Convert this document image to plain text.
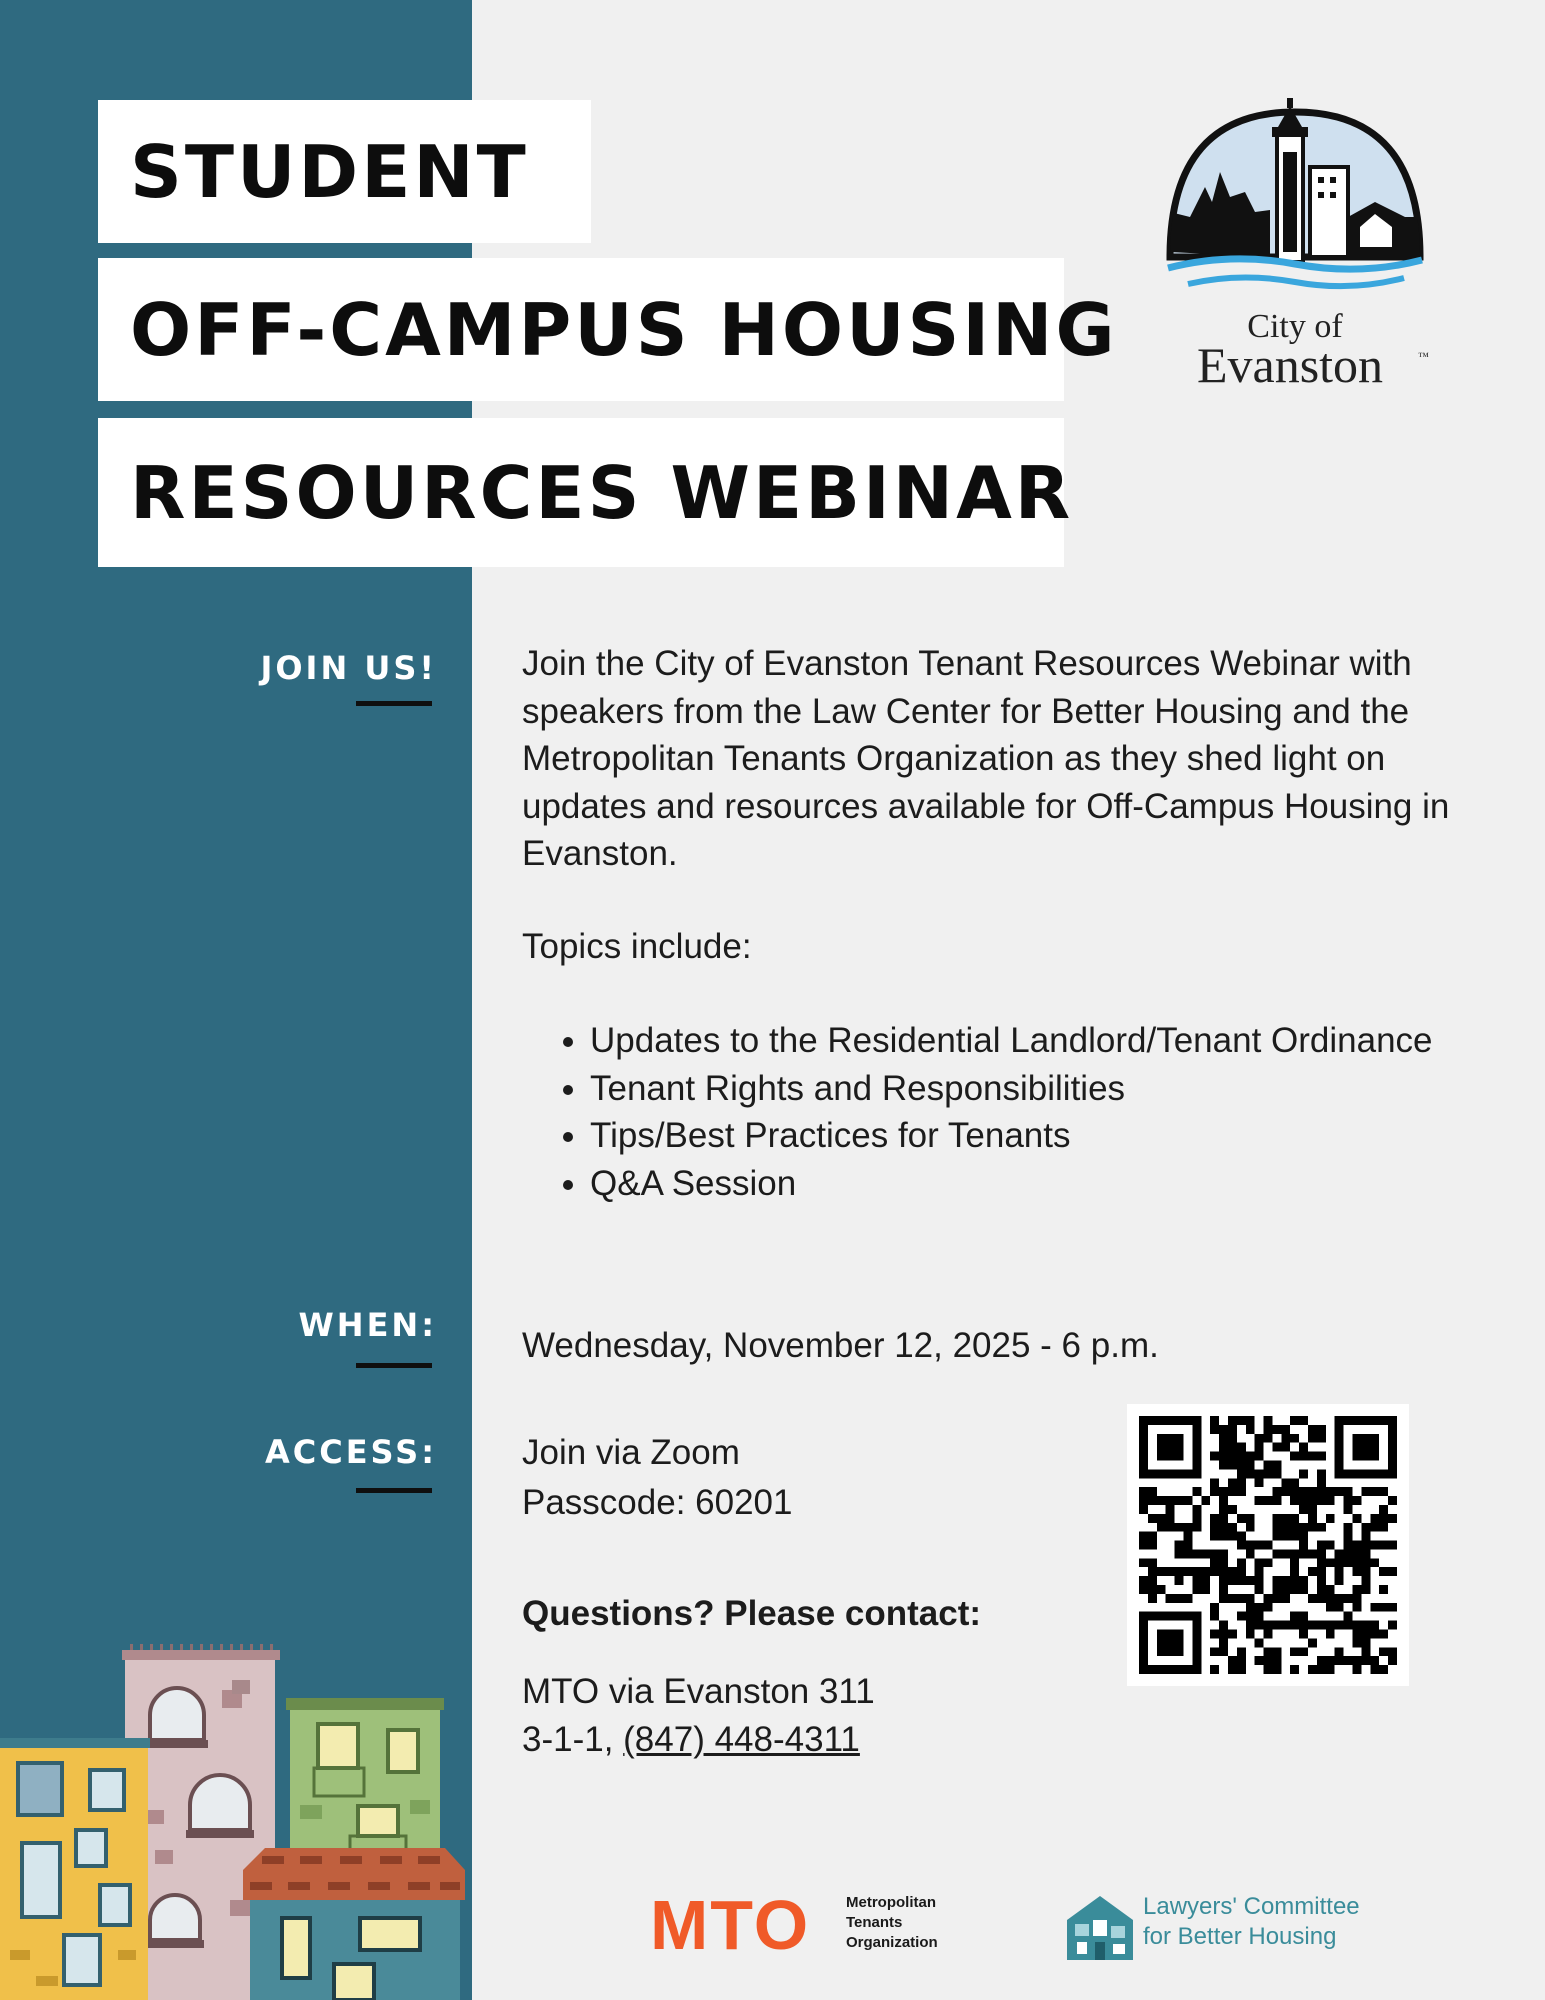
STUDENT
OFF-CAMPUS HOUSING
RESOURCES WEBINAR
City of
Evanston	™
JOIN US!
WHEN:
ACCESS:
Join the City of Evanston Tenant Resources Webinar with speakers from the Law Center for Better Housing and the Metropolitan Tenants Organization as they shed light on updates and resources available for Off-Campus Housing in Evanston.
Topics include:
• Updates to the Residential Landlord/Tenant Ordinance
• Tenant Rights and Responsibilities
• Tips/Best Practices for Tenants
• Q&A Session
Wednesday, November 12, 2025 - 6 p.m.
Join via Zoom
Passcode: 60201
Questions? Please contact:
MTO via Evanston 311
3-1-1, (847) 448-4311
MTO Metropolitan
Tenants
Organization
Lawyers' Committee
for Better Housing
